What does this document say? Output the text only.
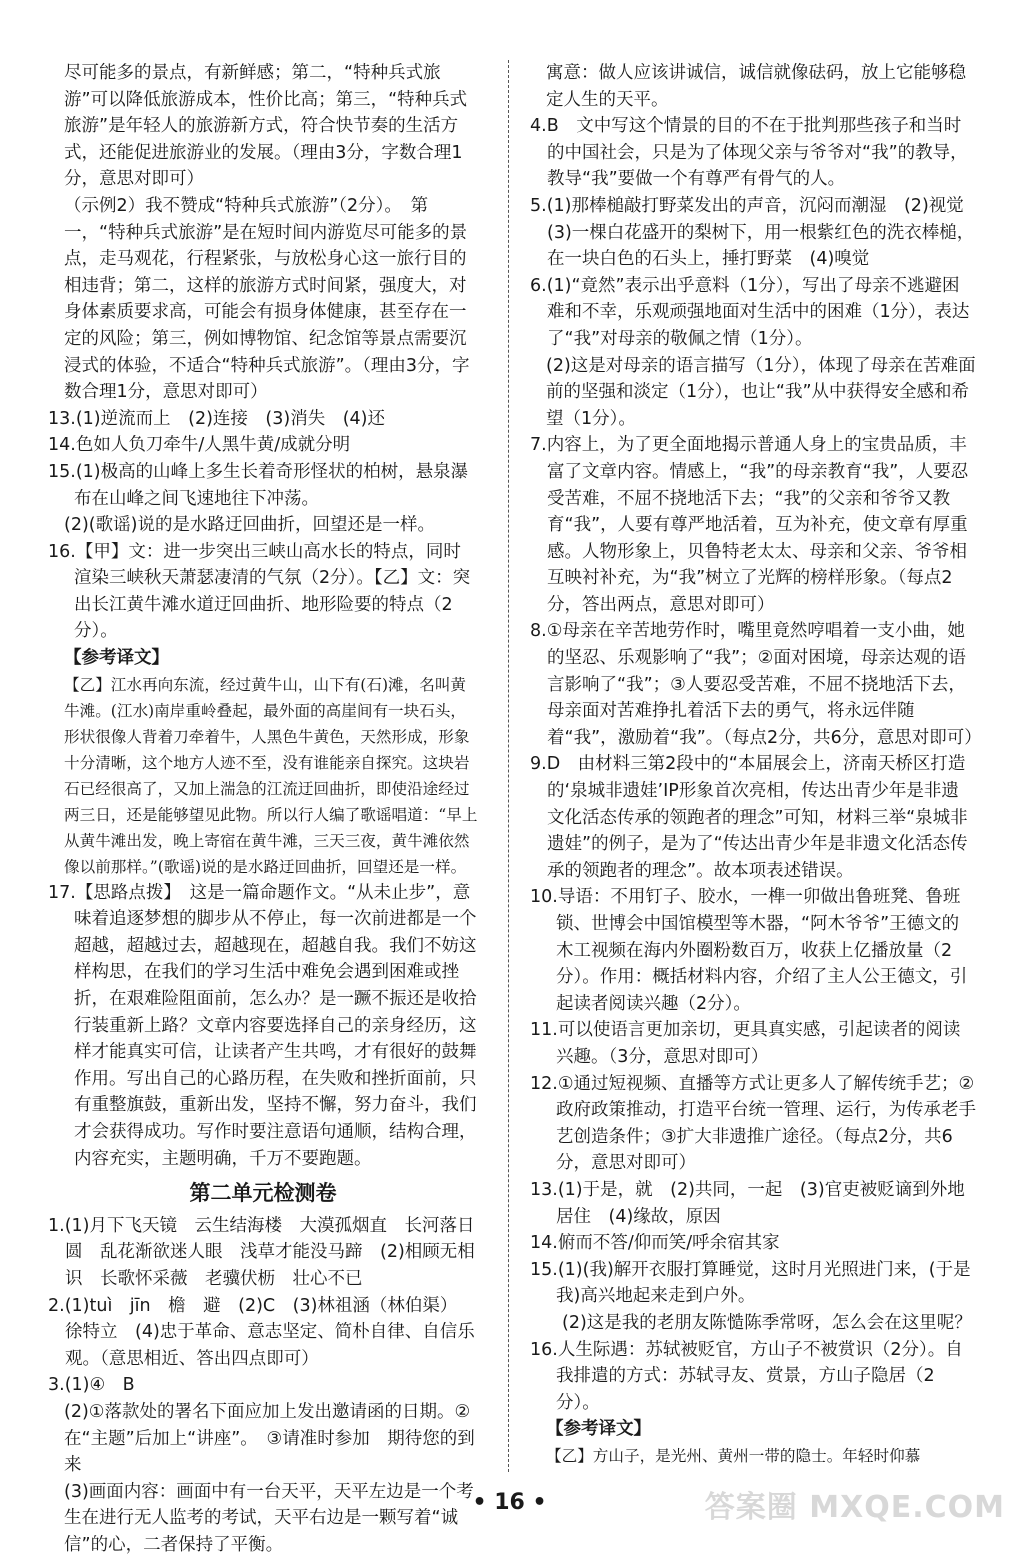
尽可能多的景点，有新鲜感；第二，“特种兵式旅游”可以降低旅游成本，性价比高；第三，“特种兵式旅游”是年轻人的旅游新方式，符合快节奏的生活方式，还能促进旅游业的发展。（理由3分，字数合理1分，意思对即可）

（示例2）我不赞成“特种兵式旅游”（2分）。　第一，“特种兵式旅游”是在短时间内游览尽可能多的景点，走马观花，行程紧张，与放松身心这一旅行目的相违背；第二，这样的旅游方式时间紧，强度大，对身体素质要求高，可能会有损身体健康，甚至存在一定的风险；第三，例如博物馆、纪念馆等景点需要沉浸式的体验，不适合“特种兵式旅游”。（理由3分，字数合理1分，意思对即可）

13.(1)逆流而上　(2)连接　(3)消失　(4)还

14.色如人负刀牵牛/人黑牛黄/成就分明

15.(1)极高的山峰上多生长着奇形怪状的柏树，悬泉瀑布在山峰之间飞速地往下冲荡。

(2)(歌谣)说的是水路迂回曲折，回望还是一样。

16.【甲】文：进一步突出三峡山高水长的特点，同时渲染三峡秋天萧瑟凄清的气氛（2分）。【乙】文：突出长江黄牛滩水道迂回曲折、地形险要的特点（2分）。

【参考译文】

【乙】江水再向东流，经过黄牛山，山下有(石)滩，名叫黄牛滩。(江水)南岸重岭叠起，最外面的高崖间有一块石头，形状很像人背着刀牵着牛，人黑色牛黄色，天然形成，形象十分清晰，这个地方人迹不至，没有谁能亲自探究。这块岩石已经很高了，又加上湍急的江流迂回曲折，即使沿途经过两三日，还是能够望见此物。所以行人编了歌谣唱道：“早上从黄牛滩出发，晚上寄宿在黄牛滩，三天三夜，黄牛滩依然像以前那样。”(歌谣)说的是水路迂回曲折，回望还是一样。

17.【思路点拨】　这是一篇命题作文。“从未止步”，意味着追逐梦想的脚步从不停止，每一次前进都是一个超越，超越过去，超越现在，超越自我。我们不妨这样构思，在我们的学习生活中难免会遇到困难或挫折，在艰难险阻面前，怎么办？是一蹶不振还是收拾行装重新上路？文章内容要选择自己的亲身经历，这样才能真实可信，让读者产生共鸣，才有很好的鼓舞作用。写出自己的心路历程，在失败和挫折面前，只有重整旗鼓，重新出发，坚持不懈，努力奋斗，我们才会获得成功。写作时要注意语句通顺，结构合理，内容充实，主题明确，千万不要跑题。

第二单元检测卷

1.(1)月下飞天镜　云生结海楼　大漠孤烟直　长河落日圆　乱花渐欲迷人眼　浅草才能没马蹄　(2)相顾无相识　长歌怀采薇　老骥伏枥　壮心不已

2.(1)tuì　jīn　檐　避　(2)C　(3)林祖涵（林伯渠）　徐特立　(4)忠于革命、意志坚定、简朴自律、自信乐观。（意思相近、答出四点即可）

3.(1)④　B

(2)①落款处的署名下面应加上发出邀请函的日期。②在“主题”后加上“讲座”。　③请准时参加　期待您的到来

(3)画面内容：画面中有一台天平，天平左边是一个考生在进行无人监考的考试，天平右边是一颗写着“诚信”的心，二者保持了平衡。

寓意：做人应该讲诚信，诚信就像砝码，放上它能够稳定人生的天平。

4.B　文中写这个情景的目的不在于批判那些孩子和当时的中国社会，只是为了体现父亲与爷爷对“我”的教导，教导“我”要做一个有尊严有骨气的人。

5.(1)那棒槌敲打野菜发出的声音，沉闷而潮湿　(2)视觉　(3)一棵白花盛开的梨树下，用一根紫红色的洗衣棒槌，在一块白色的石头上，捶打野菜　(4)嗅觉

6.(1)“竟然”表示出乎意料（1分），写出了母亲不逃避困难和不幸，乐观顽强地面对生活中的困难（1分），表达了“我”对母亲的敬佩之情（1分）。

(2)这是对母亲的语言描写（1分），体现了母亲在苦难面前的坚强和淡定（1分），也让“我”从中获得安全感和希望（1分）。

7.内容上，为了更全面地揭示普通人身上的宝贵品质，丰富了文章内容。情感上，“我”的母亲教育“我”，人要忍受苦难，不屈不挠地活下去；“我”的父亲和爷爷又教育“我”，人要有尊严地活着，互为补充，使文章有厚重感。人物形象上，贝鲁特老太太、母亲和父亲、爷爷相互映衬补充，为“我”树立了光辉的榜样形象。（每点2分，答出两点，意思对即可）

8.①母亲在辛苦地劳作时，嘴里竟然哼唱着一支小曲，她的坚忍、乐观影响了“我”；②面对困境，母亲达观的语言影响了“我”；③人要忍受苦难，不屈不挠地活下去，母亲面对苦难挣扎着活下去的勇气，将永远伴随着“我”，激励着“我”。（每点2分，共6分，意思对即可）

9.D　由材料三第2段中的“本届展会上，济南天桥区打造的‘泉城非遗娃’IP形象首次亮相，传达出青少年是非遗文化活态传承的领跑者的理念”可知，材料三举“泉城非遗娃”的例子，是为了“传达出青少年是非遗文化活态传承的领跑者的理念”。故本项表述错误。

10.导语：不用钉子、胶水，一榫一卯做出鲁班凳、鲁班锁、世博会中国馆模型等木器，“阿木爷爷”王德文的木工视频在海内外圈粉数百万，收获上亿播放量（2分）。作用：概括材料内容，介绍了主人公王德文，引起读者阅读兴趣（2分）。

11.可以使语言更加亲切，更具真实感，引起读者的阅读兴趣。（3分，意思对即可）

12.①通过短视频、直播等方式让更多人了解传统手艺；②政府政策推动，打造平台统一管理、运行，为传承老手艺创造条件；③扩大非遗推广途径。（每点2分，共6分，意思对即可）

13.(1)于是，就　(2)共同，一起　(3)官吏被贬谪到外地居住　(4)缘故，原因

14.俯而不答/仰而笑/呼余宿其家

15.(1)(我)解开衣服打算睡觉，这时月光照进门来，(于是我)高兴地起来走到户外。

(2)这是我的老朋友陈慥陈季常呀，怎么会在这里呢？

16.人生际遇：苏轼被贬官，方山子不被赏识（2分）。自我排遣的方式：苏轼寻友、赏景，方山子隐居（2分）。

【参考译文】

【乙】方山子，是光州、黄州一带的隐士。年轻时仰慕

• 16 •	答案圈 MXQE.COM
